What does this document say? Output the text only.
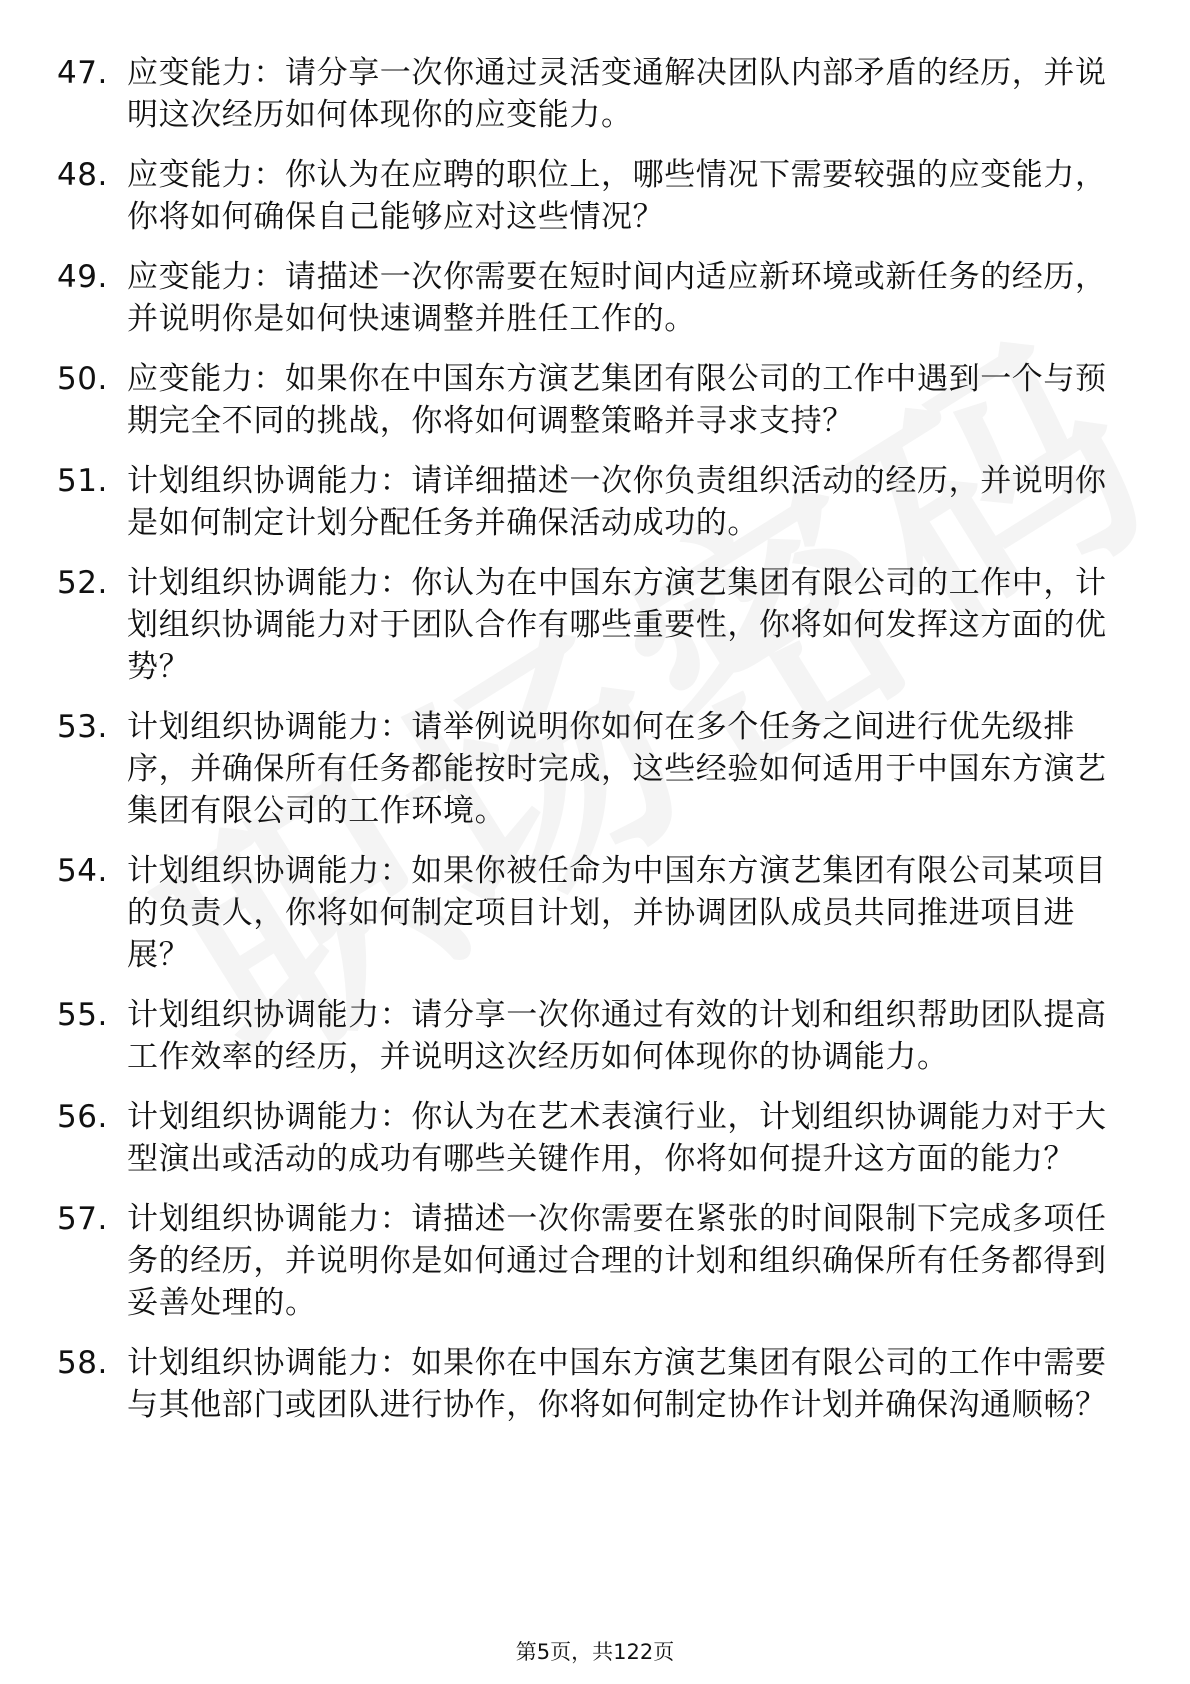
47. 应变能力：请分享一次你通过灵活变通解决团队内部矛盾的经历，并说明这次经历如何体现你的应变能力。
48. 应变能力：你认为在应聘的职位上，哪些情况下需要较强的应变能力，你将如何确保自己能够应对这些情况？
49. 应变能力：请描述一次你需要在短时间内适应新环境或新任务的经历，并说明你是如何快速调整并胜任工作的。
50. 应变能力：如果你在中国东方演艺集团有限公司的工作中遇到一个与预期完全不同的挑战，你将如何调整策略并寻求支持？
51. 计划组织协调能力：请详细描述一次你负责组织活动的经历，并说明你是如何制定计划分配任务并确保活动成功的。
52. 计划组织协调能力：你认为在中国东方演艺集团有限公司的工作中，计划组织协调能力对于团队合作有哪些重要性，你将如何发挥这方面的优势？
53. 计划组织协调能力：请举例说明你如何在多个任务之间进行优先级排序，并确保所有任务都能按时完成，这些经验如何适用于中国东方演艺集团有限公司的工作环境。
54. 计划组织协调能力：如果你被任命为中国东方演艺集团有限公司某项目的负责人，你将如何制定项目计划，并协调团队成员共同推进项目进展？
55. 计划组织协调能力：请分享一次你通过有效的计划和组织帮助团队提高工作效率的经历，并说明这次经历如何体现你的协调能力。
56. 计划组织协调能力：你认为在艺术表演行业，计划组织协调能力对于大型演出或活动的成功有哪些关键作用，你将如何提升这方面的能力？
57. 计划组织协调能力：请描述一次你需要在紧张的时间限制下完成多项任务的经历，并说明你是如何通过合理的计划和组织确保所有任务都得到妥善处理的。
58. 计划组织协调能力：如果你在中国东方演艺集团有限公司的工作中需要与其他部门或团队进行协作，你将如何制定协作计划并确保沟通顺畅？
第5页，共122页
